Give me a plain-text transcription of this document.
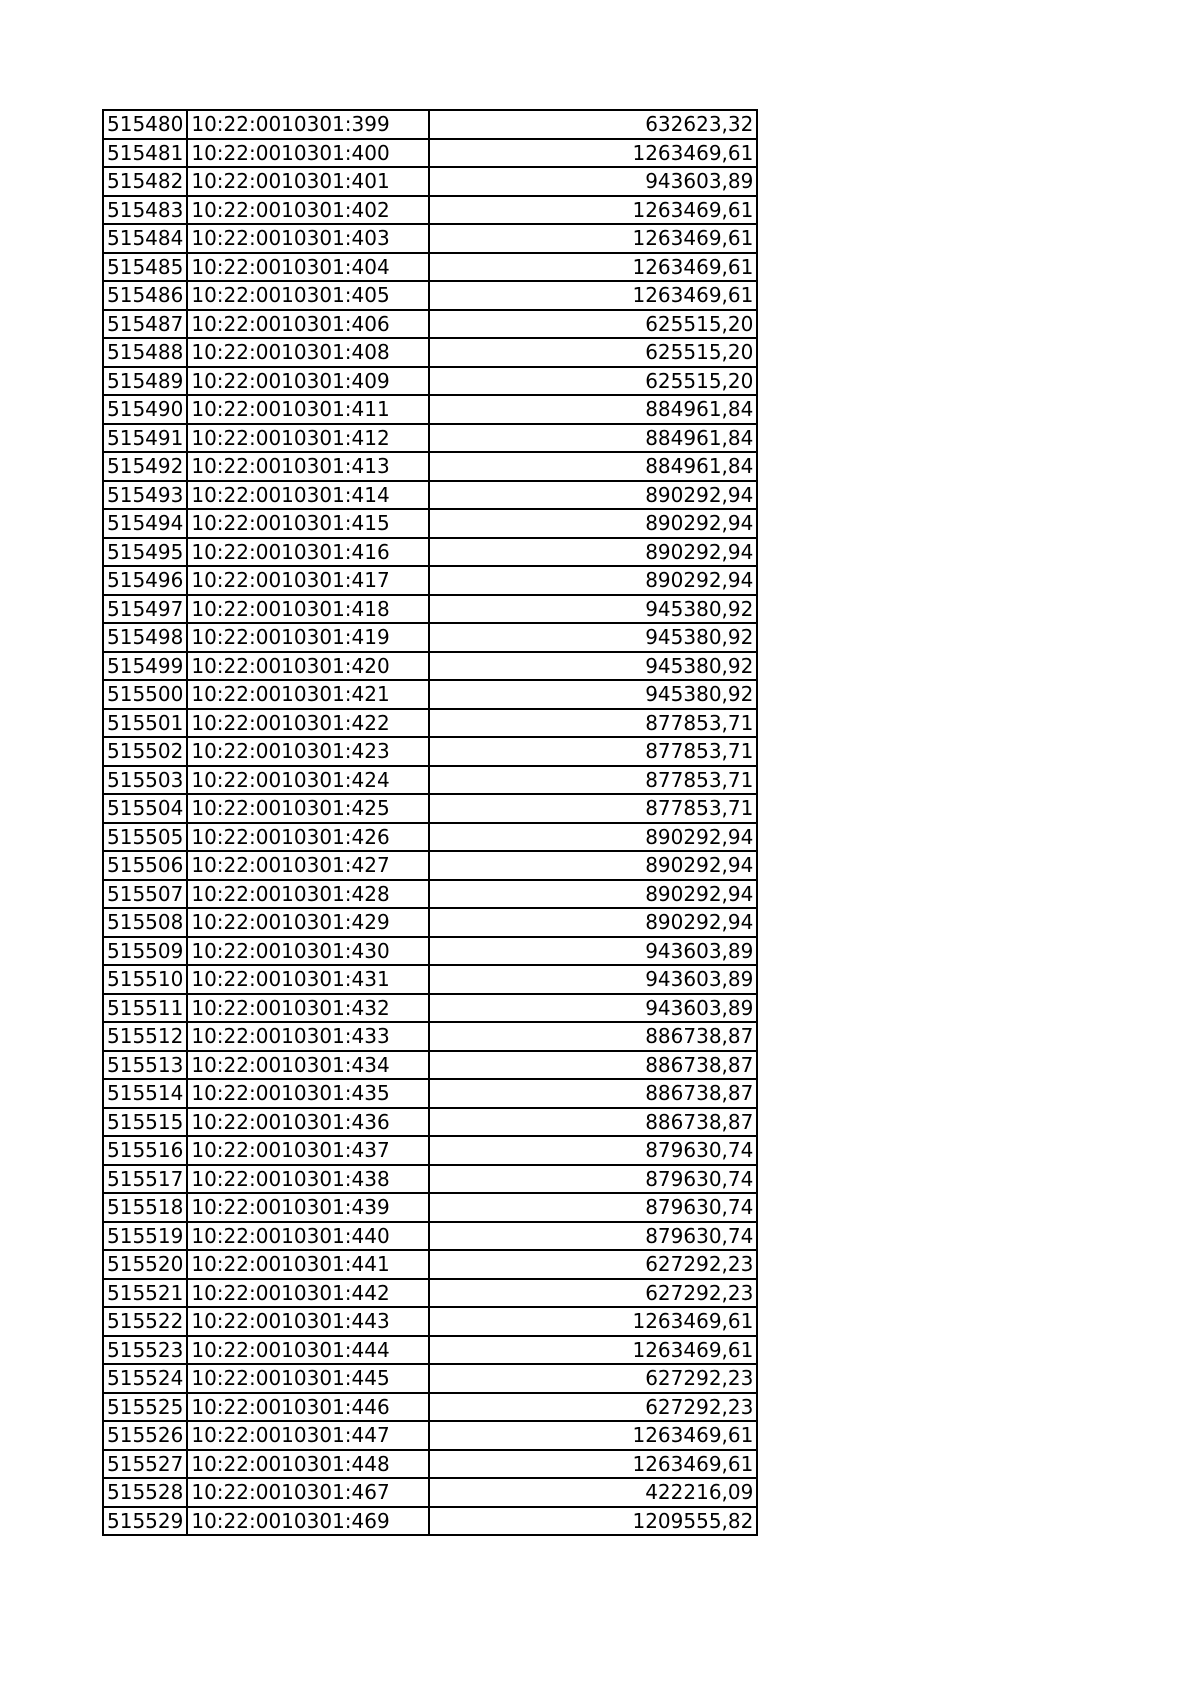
515480	10:22:0010301:399	632623,32
515481	10:22:0010301:400	1263469,61
515482	10:22:0010301:401	943603,89
515483	10:22:0010301:402	1263469,61
515484	10:22:0010301:403	1263469,61
515485	10:22:0010301:404	1263469,61
515486	10:22:0010301:405	1263469,61
515487	10:22:0010301:406	625515,20
515488	10:22:0010301:408	625515,20
515489	10:22:0010301:409	625515,20
515490	10:22:0010301:411	884961,84
515491	10:22:0010301:412	884961,84
515492	10:22:0010301:413	884961,84
515493	10:22:0010301:414	890292,94
515494	10:22:0010301:415	890292,94
515495	10:22:0010301:416	890292,94
515496	10:22:0010301:417	890292,94
515497	10:22:0010301:418	945380,92
515498	10:22:0010301:419	945380,92
515499	10:22:0010301:420	945380,92
515500	10:22:0010301:421	945380,92
515501	10:22:0010301:422	877853,71
515502	10:22:0010301:423	877853,71
515503	10:22:0010301:424	877853,71
515504	10:22:0010301:425	877853,71
515505	10:22:0010301:426	890292,94
515506	10:22:0010301:427	890292,94
515507	10:22:0010301:428	890292,94
515508	10:22:0010301:429	890292,94
515509	10:22:0010301:430	943603,89
515510	10:22:0010301:431	943603,89
515511	10:22:0010301:432	943603,89
515512	10:22:0010301:433	886738,87
515513	10:22:0010301:434	886738,87
515514	10:22:0010301:435	886738,87
515515	10:22:0010301:436	886738,87
515516	10:22:0010301:437	879630,74
515517	10:22:0010301:438	879630,74
515518	10:22:0010301:439	879630,74
515519	10:22:0010301:440	879630,74
515520	10:22:0010301:441	627292,23
515521	10:22:0010301:442	627292,23
515522	10:22:0010301:443	1263469,61
515523	10:22:0010301:444	1263469,61
515524	10:22:0010301:445	627292,23
515525	10:22:0010301:446	627292,23
515526	10:22:0010301:447	1263469,61
515527	10:22:0010301:448	1263469,61
515528	10:22:0010301:467	422216,09
515529	10:22:0010301:469	1209555,82
